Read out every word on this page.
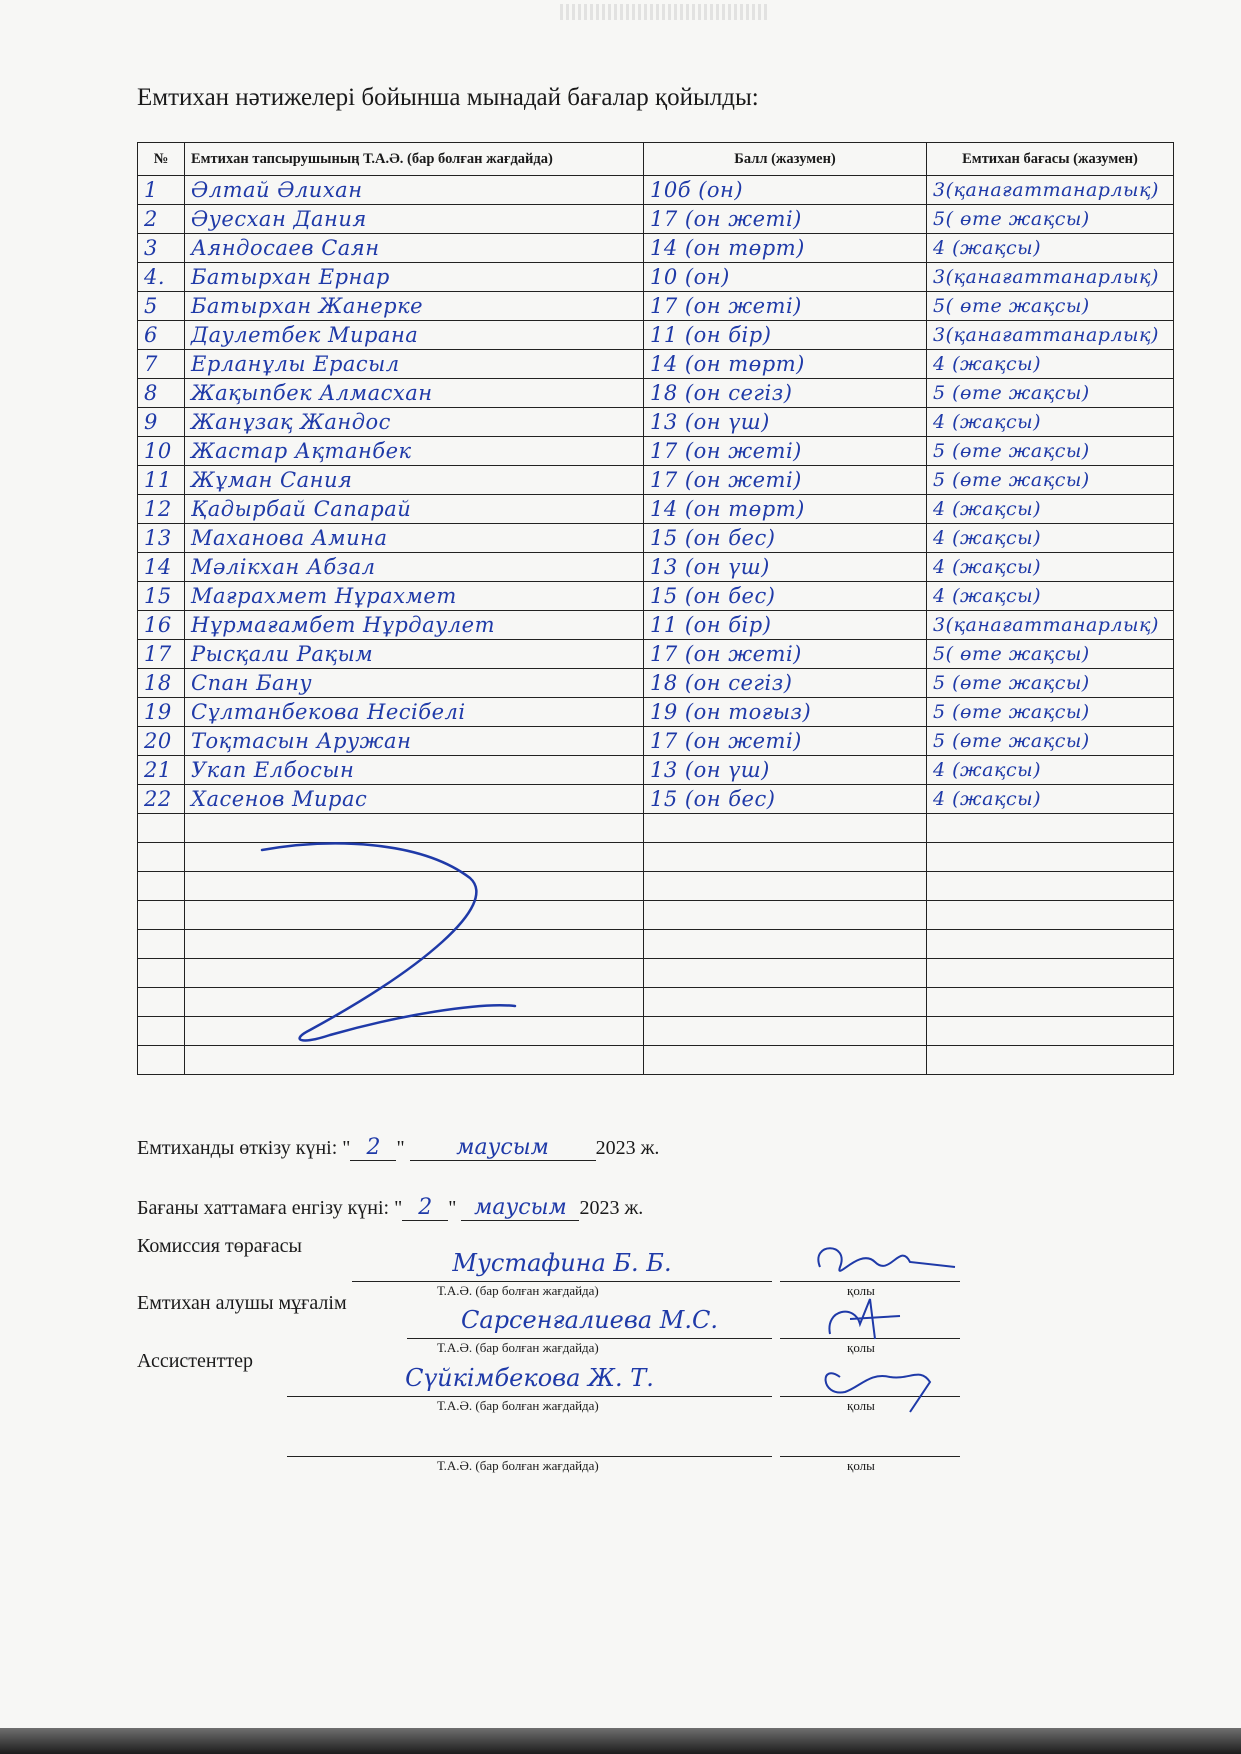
Емтихан нәтижелері бойынша мынадай бағалар қойылды:
№	Емтихан тапсырушының Т.А.Ә. (бар болған жағдайда)	Балл (жазумен)	Емтихан бағасы (жазумен)
1	Әлтай Әлихан	10б (он)	3(қанағаттанарлық)
2	Әуесхан Дания	17 (он жеті)	5( өте жақсы)
3	Аяндосаев Саян	14 (он төрт)	4 (жақсы)
4.	Батырхан Ернар	10 (он)	3(қанағаттанарлық)
5	Батырхан Жанерке	17 (он жеті)	5( өте жақсы)
6	Даулетбек Мирана	11 (он бір)	3(қанағаттанарлық)
7	Ерланұлы Ерасыл	14 (он төрт)	4 (жақсы)
8	Жақыпбек Алмасхан	18 (он сегіз)	5 (өте жақсы)
9	Жанұзақ Жандос	13 (он үш)	4 (жақсы)
10	Жастар Ақтанбек	17 (он жеті)	5 (өте жақсы)
11	Жұман Сания	17 (он жеті)	5 (өте жақсы)
12	Қадырбай Сапарай	14 (он төрт)	4 (жақсы)
13	Маханова Амина	15 (он бес)	4 (жақсы)
14	Мәлікхан Абзал	13 (он үш)	4 (жақсы)
15	Мағрахмет Нұрахмет	15 (он бес)	4 (жақсы)
16	Нұрмағамбет Нұрдаулет	11 (он бір)	3(қанағаттанарлық)
17	Рысқали Рақым	17 (он жеті)	5( өте жақсы)
18	Спан Бану	18 (он сегіз)	5 (өте жақсы)
19	Сұлтанбекова Несібелі	19 (он тоғыз)	5 (өте жақсы)
20	Тоқтасын Аружан	17 (он жеті)	5 (өте жақсы)
21	Укап Елбосын	13 (он үш)	4 (жақсы)
22	Хасенов Мирас	15 (он бес)	4 (жақсы)

Емтиханды өткізу күні: " 2 " маусым 2023 ж.
Бағаны хаттамаға енгізу күні: " 2 " маусым 2023 ж.
Комиссия төрағасы
Мустафина Б. Б.
Т.А.Ә. (бар болған жағдайда)	қолы
Емтихан алушы мұғалім
Сарсенғалиева М.С.
Т.А.Ә. (бар болған жағдайда)	қолы
Ассистенттер
Сүйкімбекова Ж. Т.
Т.А.Ә. (бар болған жағдайда)	қолы
Т.А.Ә. (бар болған жағдайда)	қолы
